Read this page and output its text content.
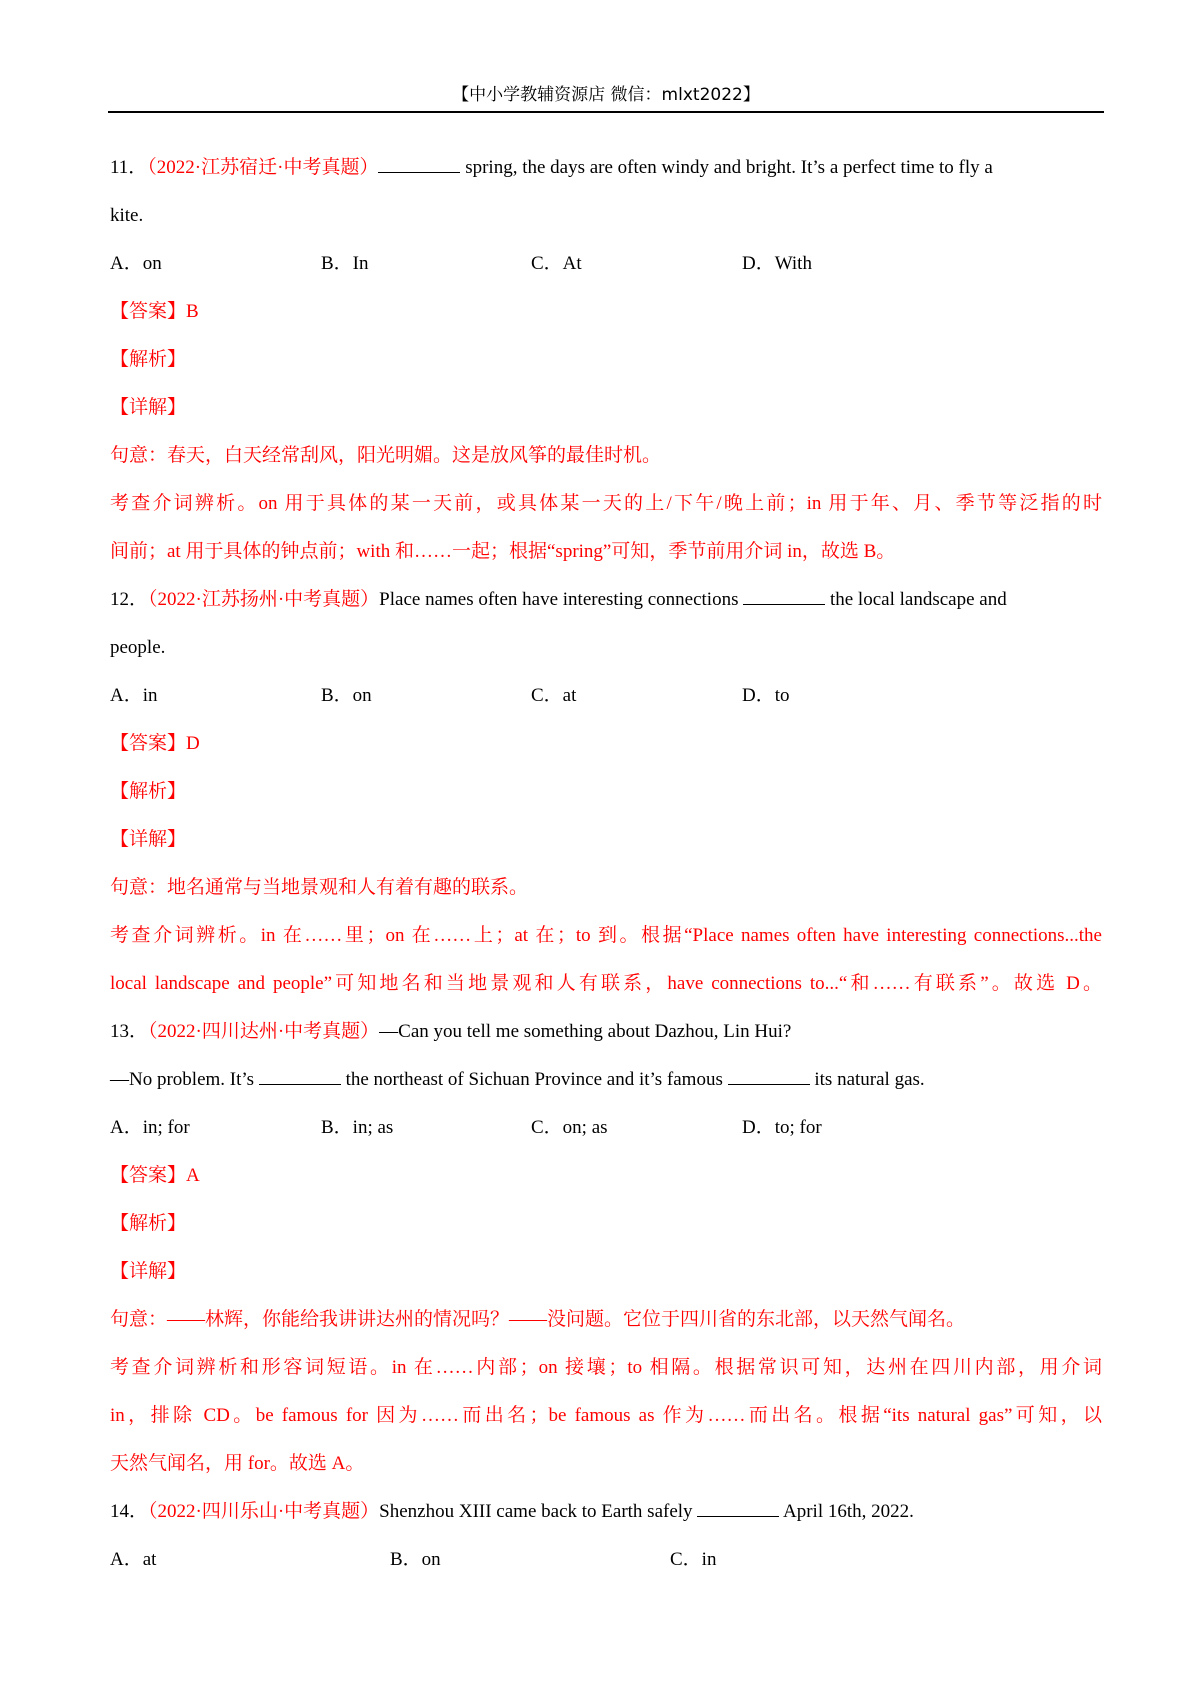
【中小学教辅资源店 微信：mlxt2022】
11．（2022·江苏宿迁·中考真题）	spring, the days are often windy and bright. It’s a perfect time to fly a
kite.
A．on	B．In	C．At	D．With
【答案】B
【解析】
【详解】
句意：春天，白天经常刮风，阳光明媚。这是放风筝的最佳时机。
考查介词辨析。on 用于具体的某一天前，或具体某一天的上/下午/晚上前；in 用于年、月、季节等泛指的时
间前；at 用于具体的钟点前；with 和……一起；根据“spring”可知，季节前用介词 in，故选 B。
12．（2022·江苏扬州·中考真题）Place names often have interesting connections	the local landscape and
people.
A．in	B．on	C．at	D．to
【答案】D
【解析】
【详解】
句意：地名通常与当地景观和人有着有趣的联系。
考查介词辨析。in 在……里；on 在……上；at 在；to 到。根据“Place names often have interesting connections...the
local landscape and people”可知地名和当地景观和人有联系，have connections to...“和……有联系”。故选 D。
13．（2022·四川达州·中考真题）—Can you tell me something about Dazhou, Lin Hui?
—No problem. It’s	the northeast of Sichuan Province and it’s famous	its natural gas.
A．in; for	B．in; as	C．on; as	D．to; for
【答案】A
【解析】
【详解】
句意：——林辉，你能给我讲讲达州的情况吗？——没问题。它位于四川省的东北部，以天然气闻名。
考查介词辨析和形容词短语。in 在……内部；on 接壤；to 相隔。根据常识可知，达州在四川内部，用介词
in，排除 CD。be famous for 因为……而出名；be famous as 作为……而出名。根据“its natural gas”可知，以
天然气闻名，用 for。故选 A。
14．（2022·四川乐山·中考真题）Shenzhou XIII came back to Earth safely	April 16th, 2022.
A．at	B．on	C．in
